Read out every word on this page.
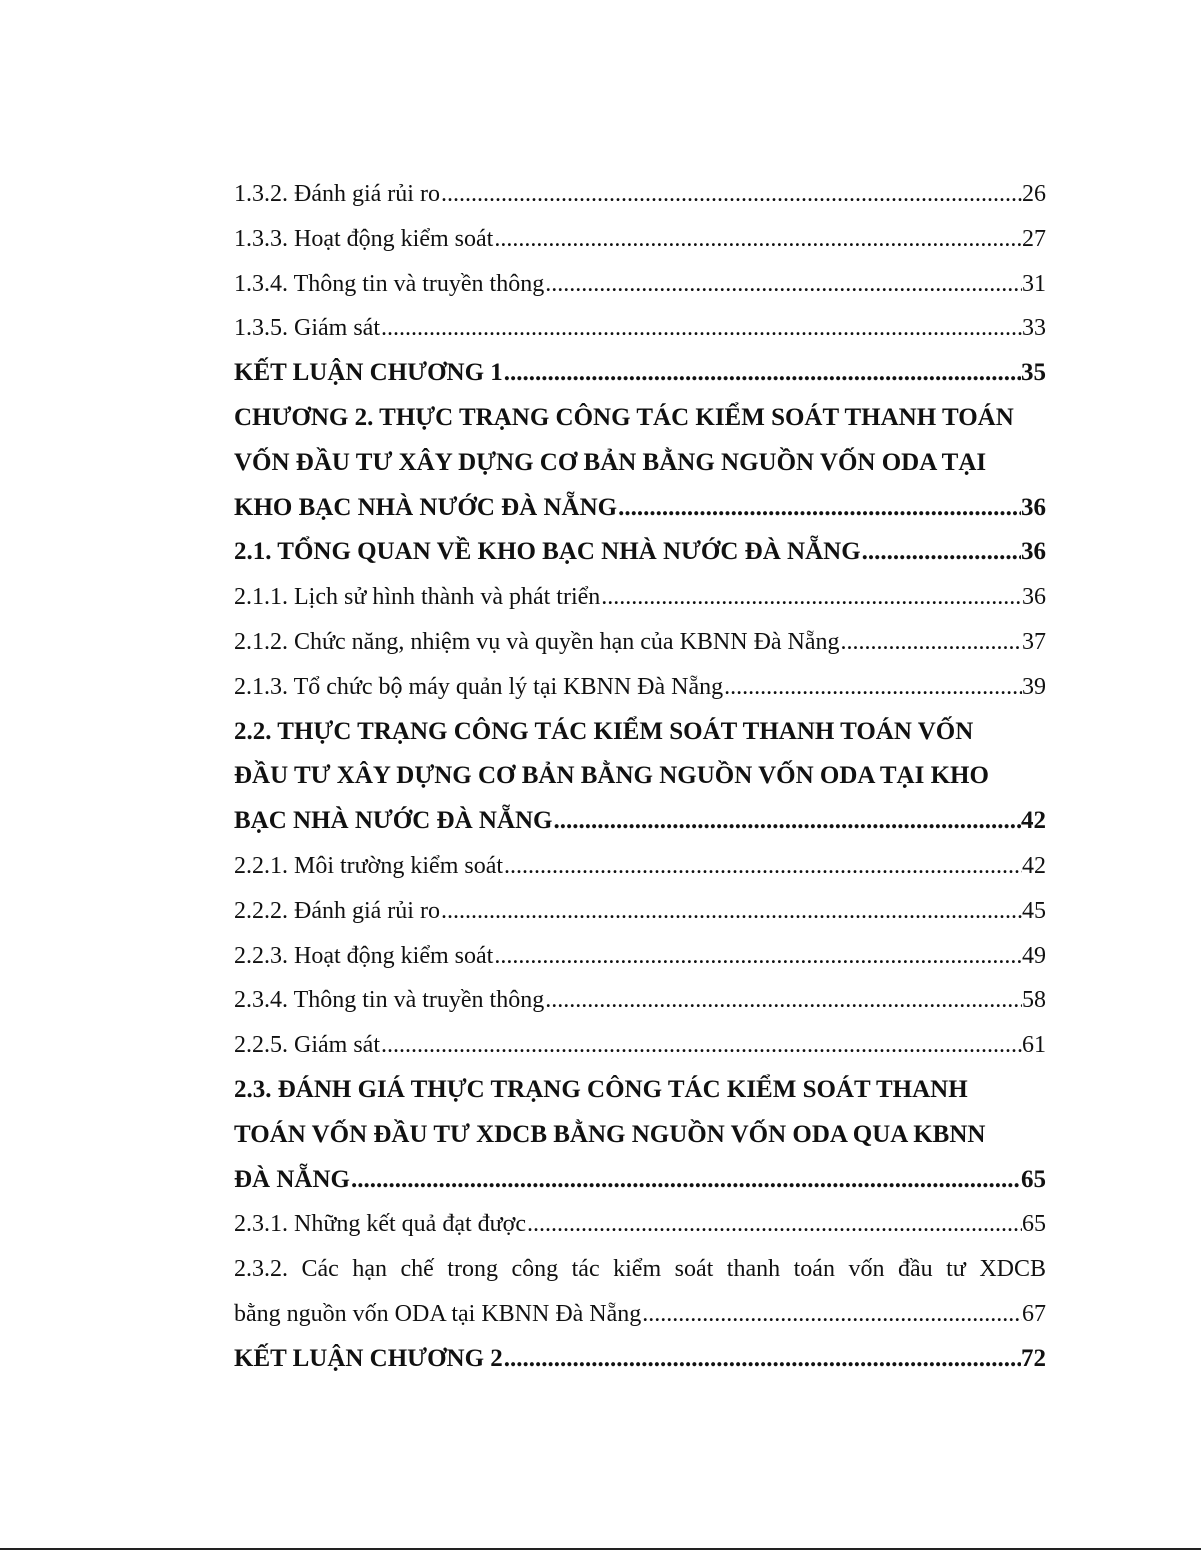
1.3.2. Đánh giá rủi ro .....	26
1.3.3. Hoạt động kiểm soát .....	27
1.3.4. Thông tin và truyền thông .....	31
1.3.5. Giám sát .....	33
KẾT LUẬN CHƯƠNG 1 .....	35
CHƯƠNG 2. THỰC TRẠNG CÔNG TÁC KIỂM SOÁT THANH TOÁN
VỐN ĐẦU TƯ XÂY DỰNG CƠ BẢN BẰNG NGUỒN VỐN ODA TẠI
KHO BẠC NHÀ NƯỚC ĐÀ NẴNG .....	36
2.1. TỔNG QUAN VỀ KHO BẠC NHÀ NƯỚC ĐÀ NẴNG .....	36
2.1.1. Lịch sử hình thành và phát triển .....	36
2.1.2. Chức năng, nhiệm vụ và quyền hạn của KBNN Đà Nẵng .....	37
2.1.3. Tổ chức bộ máy quản lý tại KBNN Đà Nẵng .....	39
2.2. THỰC TRẠNG CÔNG TÁC KIỂM SOÁT THANH TOÁN VỐN
ĐẦU TƯ XÂY DỰNG CƠ BẢN BẰNG NGUỒN VỐN ODA TẠI KHO
BẠC NHÀ NƯỚC ĐÀ NẴNG .....	42
2.2.1. Môi trường kiểm soát .....	42
2.2.2. Đánh giá rủi ro .....	45
2.2.3. Hoạt động kiểm soát .....	49
2.3.4. Thông tin và truyền thông .....	58
2.2.5. Giám sát .....	61
2.3. ĐÁNH GIÁ THỰC TRẠNG CÔNG TÁC KIỂM SOÁT THANH
TOÁN VỐN ĐẦU TƯ XDCB BẰNG NGUỒN VỐN ODA QUA KBNN
ĐÀ NẴNG .....	65
2.3.1. Những kết quả đạt được .....	65
2.3.2. Các hạn chế trong công tác kiểm soát thanh toán vốn đầu tư XDCB
bằng nguồn vốn ODA tại KBNN Đà Nẵng .....	67
KẾT LUẬN CHƯƠNG 2 .....	72
